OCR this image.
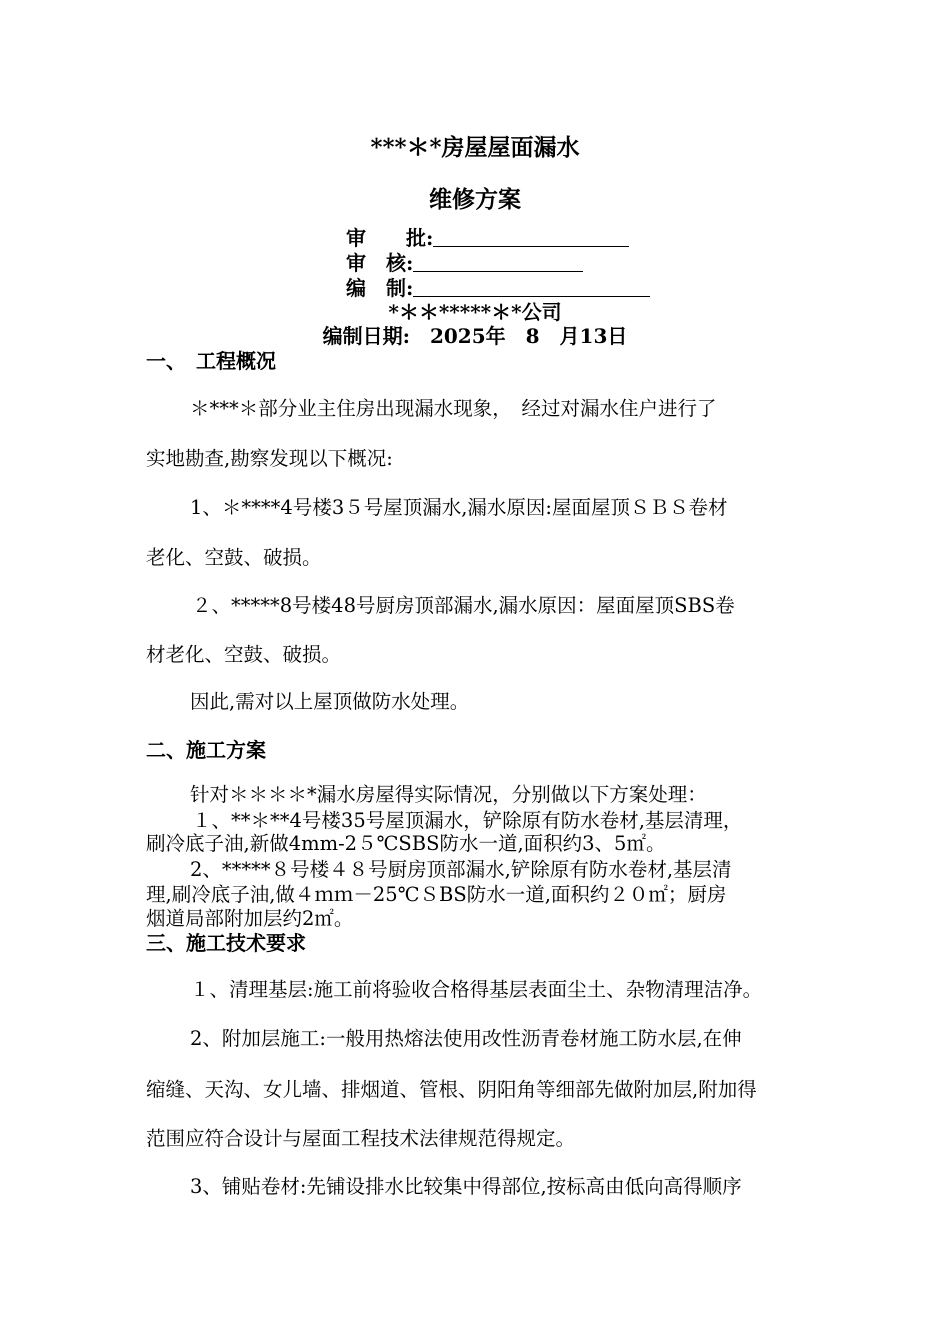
***＊*房屋屋面漏水
维修方案
审　　批:
审　核:
编　制:
*＊＊*****＊*公司
编制日期:　2025年　8　月13日
一、　工程概况
＊***＊部分业主住房出现漏水现象，　经过对漏水住户进行了
实地勘查,勘察发现以下概况:
1、＊****4号楼3５号屋顶漏水,漏水原因:屋面屋顶ＳＢＳ卷材
老化、空鼓、破损。
２、*****8号楼48号厨房顶部漏水,漏水原因：屋面屋顶SBS卷
材老化、空鼓、破损。
因此,需对以上屋顶做防水处理。
二、施工方案
针对＊＊＊＊*漏水房屋得实际情况，分别做以下方案处理：
１、**＊**4号楼35号屋顶漏水，铲除原有防水卷材,基层清理，
刷冷底子油,新做4mm-2５℃SBS防水一道,面积约3、5㎡。
2、*****８号楼４８号厨房顶部漏水,铲除原有防水卷材,基层清
理,刷冷底子油,做４ｍｍ－25℃ＳBS防水一道,面积约２０㎡；厨房
烟道局部附加层约2㎡。
三、施工技术要求
１、清理基层:施工前将验收合格得基层表面尘土、杂物清理洁净。
2、附加层施工:一般用热熔法使用改性沥青卷材施工防水层,在伸
缩缝、天沟、女儿墙、排烟道、管根、阴阳角等细部先做附加层,附加得
范围应符合设计与屋面工程技术法律规范得规定。
3、铺贴卷材:先铺设排水比较集中得部位,按标高由低向高得顺序
